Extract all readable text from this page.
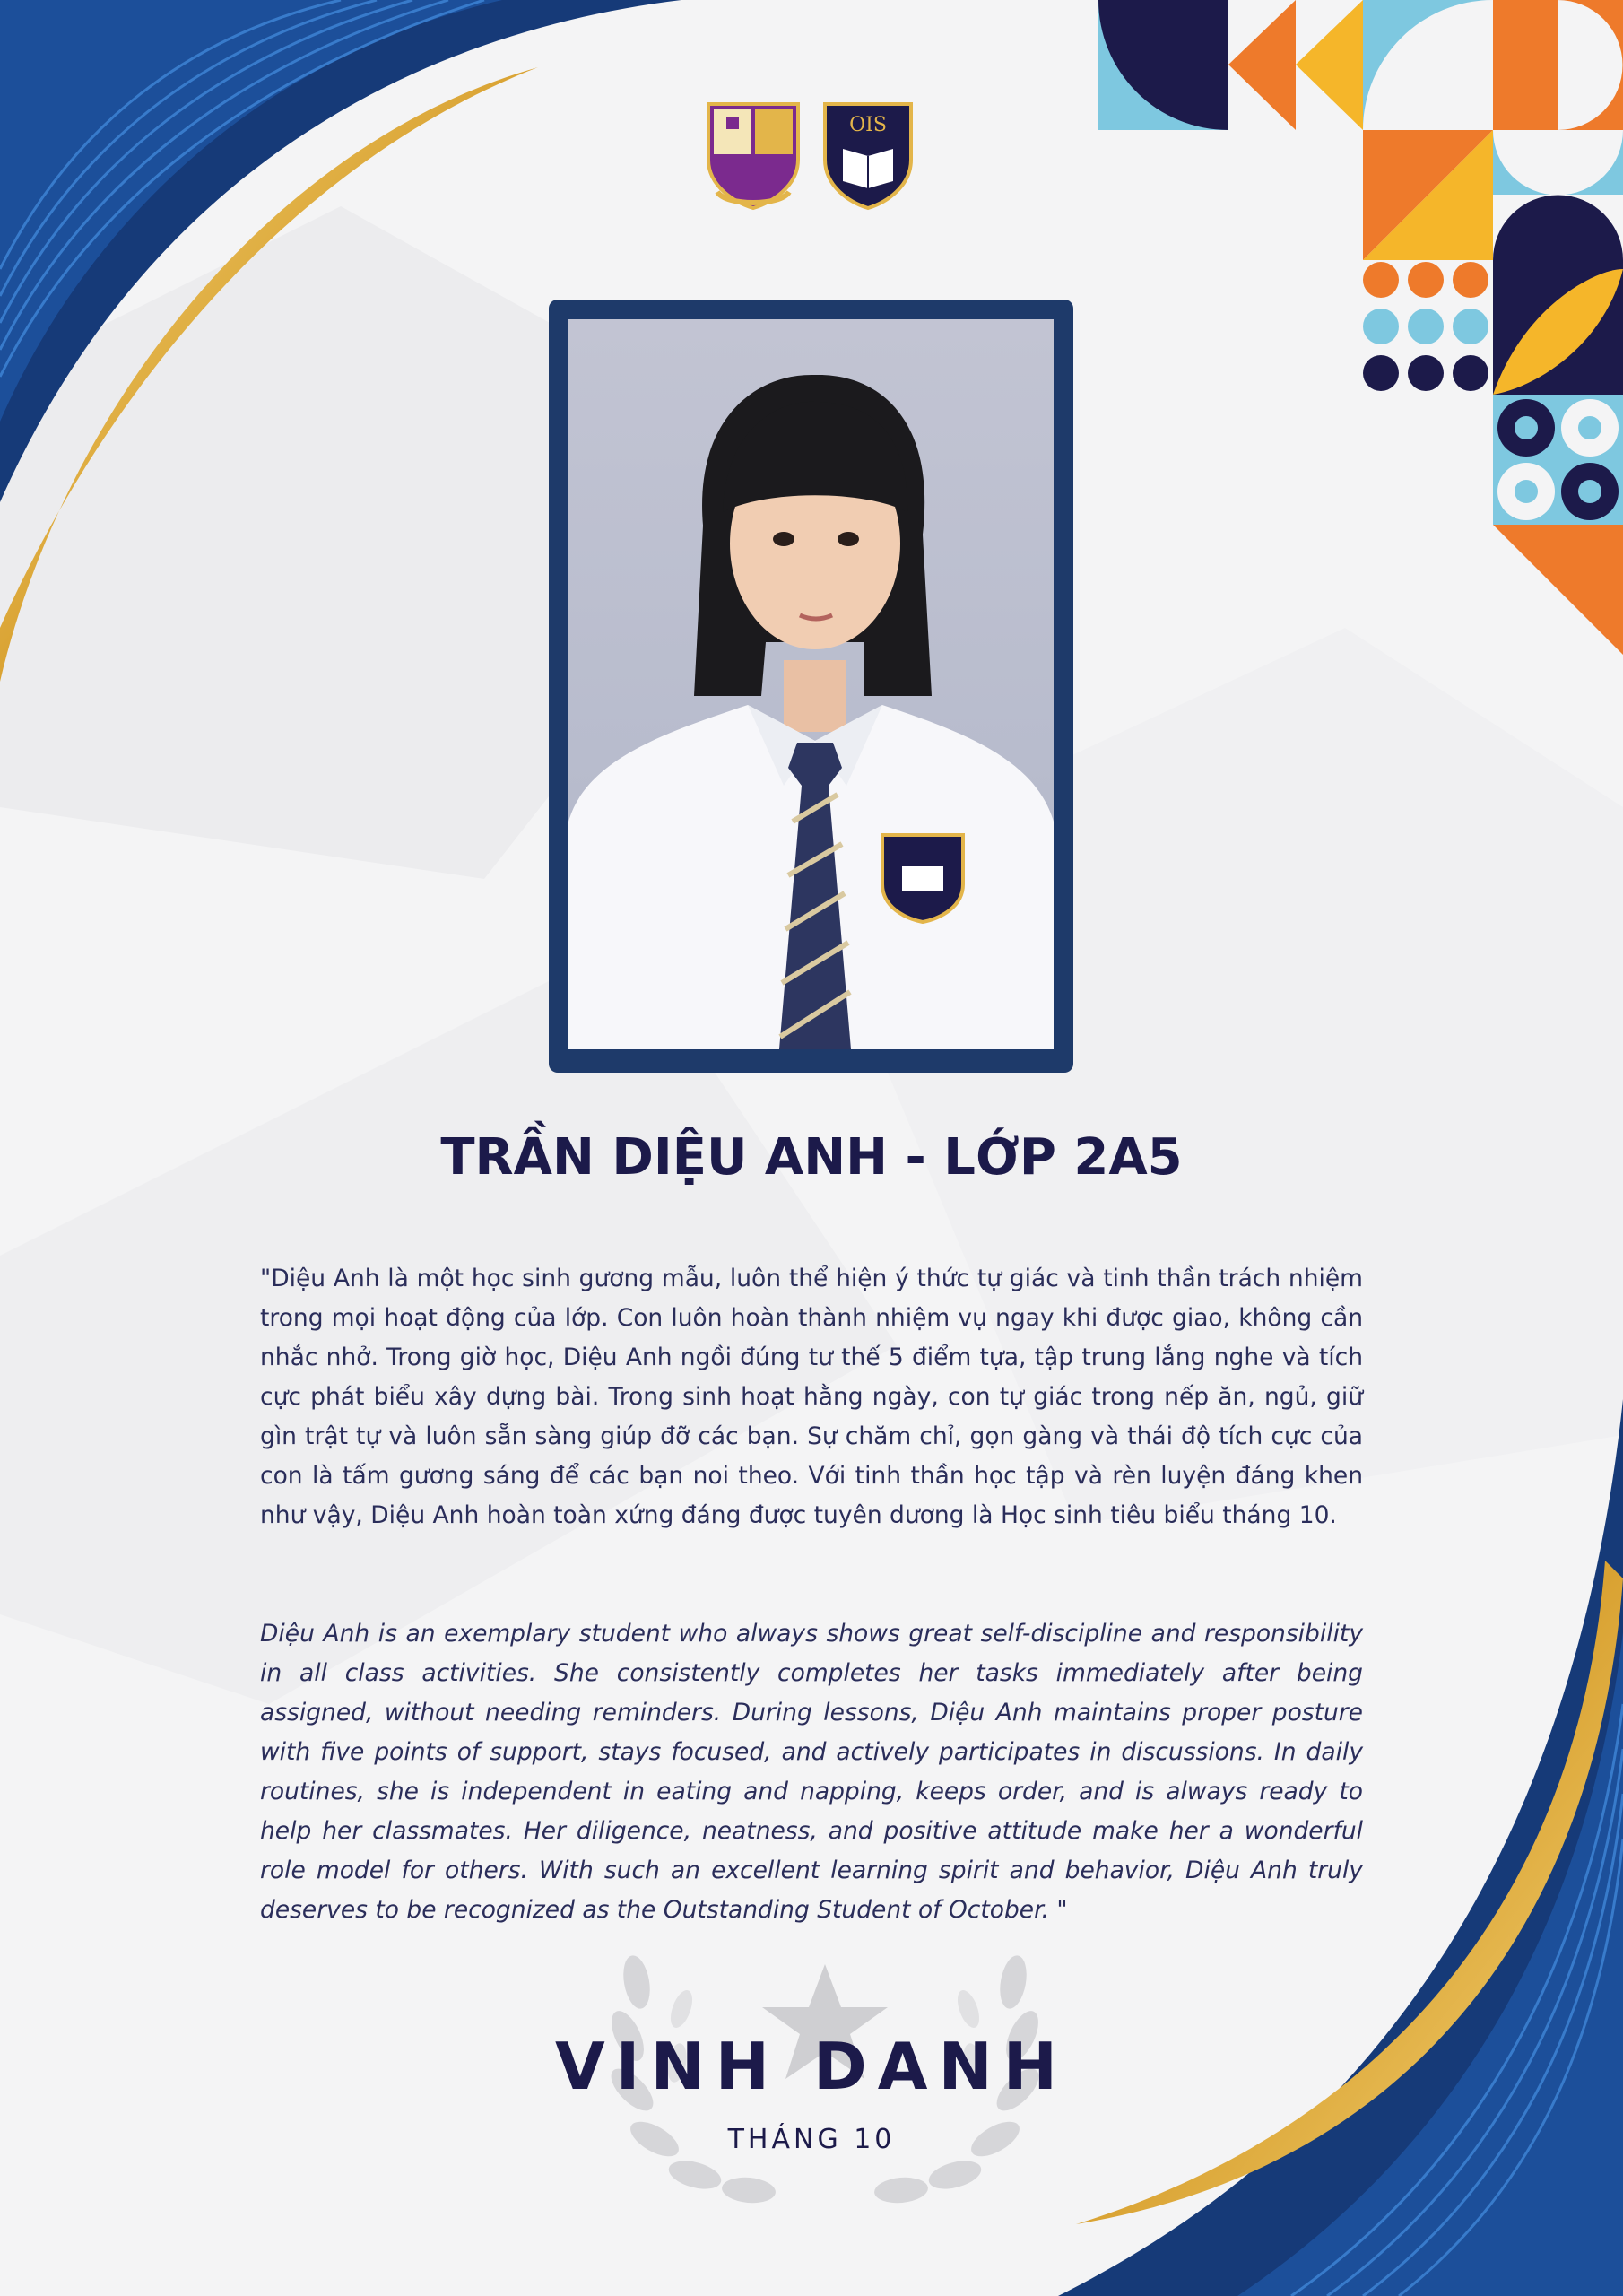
OIS
TRẦN DIỆU ANH - LỚP 2A5

"Diệu Anh là một học sinh gương mẫu, luôn thể hiện ý thức tự giác và tinh thần trách nhiệm trong mọi hoạt động của lớp. Con luôn hoàn thành nhiệm vụ ngay khi được giao, không cần nhắc nhở. Trong giờ học, Diệu Anh ngồi đúng tư thế 5 điểm tựa, tập trung lắng nghe và tích cực phát biểu xây dựng bài. Trong sinh hoạt hằng ngày, con tự giác trong nếp ăn, ngủ, giữ gìn trật tự và luôn sẵn sàng giúp đỡ các bạn. Sự chăm chỉ, gọn gàng và thái độ tích cực của con là tấm gương sáng để các bạn noi theo. Với tinh thần học tập và rèn luyện đáng khen như vậy, Diệu Anh hoàn toàn xứng đáng được tuyên dương là Học sinh tiêu biểu tháng 10.

Diệu Anh is an exemplary student who always shows great self-discipline and responsibility in all class activities. She consistently completes her tasks immediately after being assigned, without needing reminders. During lessons, Diệu Anh maintains proper posture with five points of support, stays focused, and actively participates in discussions. In daily routines, she is independent in eating and napping, keeps order, and is always ready to help her classmates. Her diligence, neatness, and positive attitude make her a wonderful role model for others. With such an excellent learning spirit and behavior, Diệu Anh truly deserves to be recognized as the Outstanding Student of October. "

VINH DANH

THÁNG 10
